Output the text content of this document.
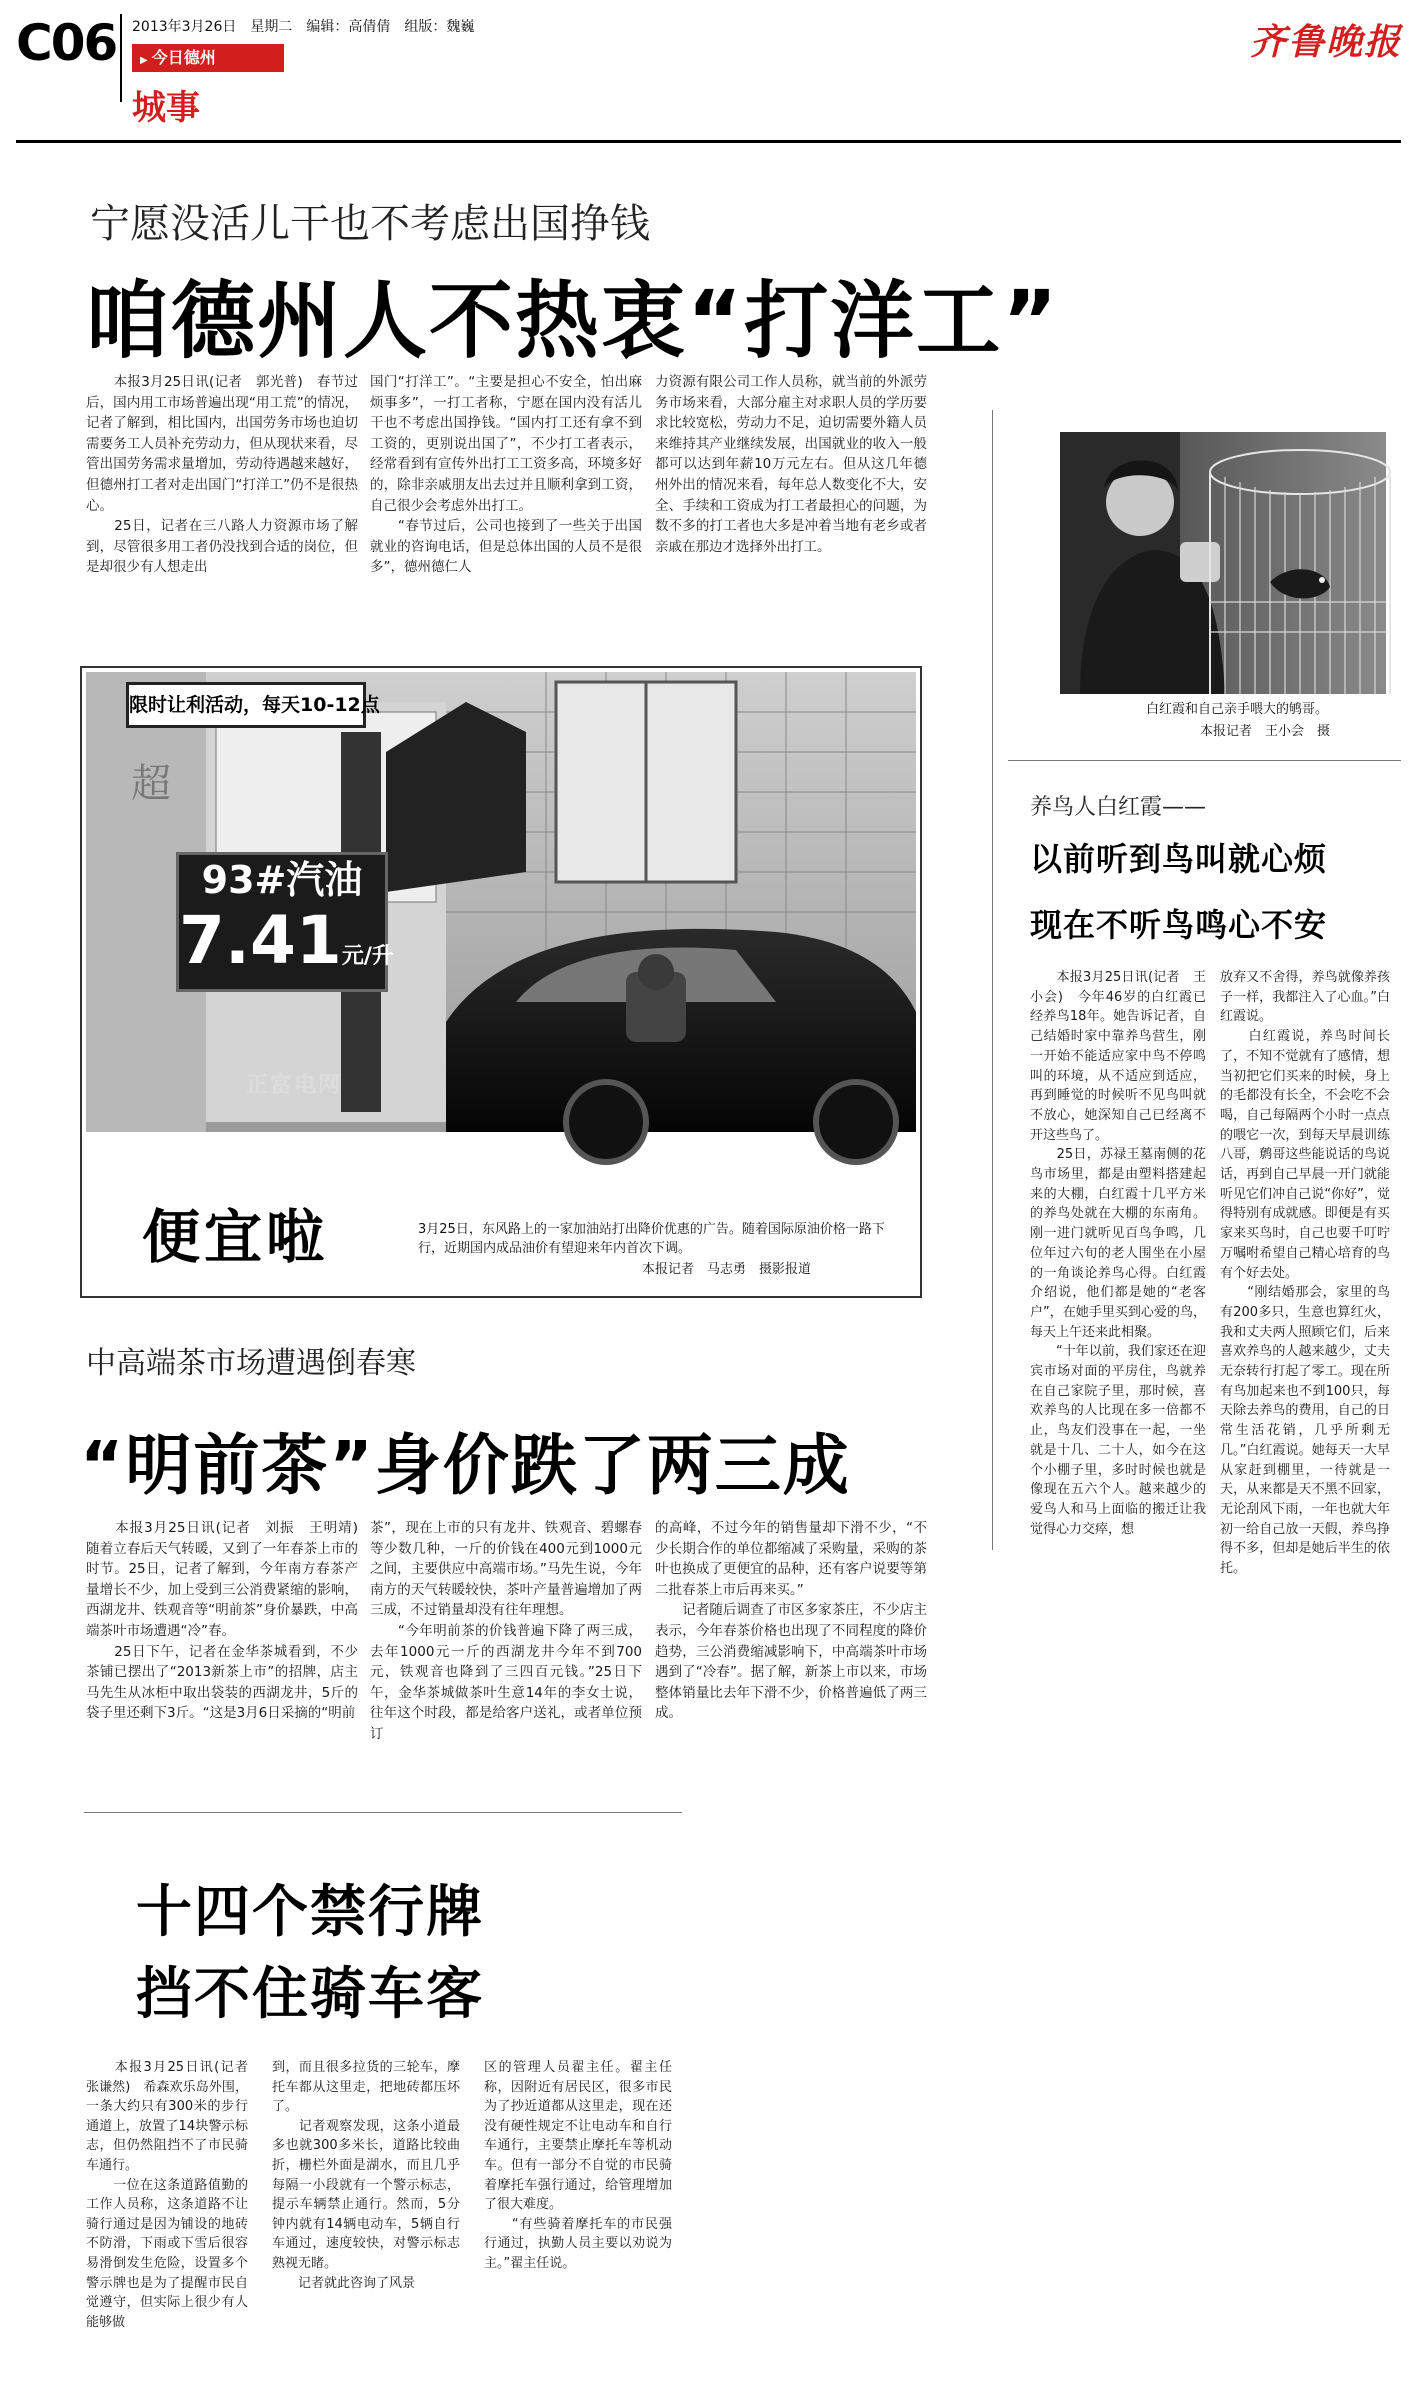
C06 2013年3月26日　星期二　编辑：高倩倩　组版：魏巍
▶ 今日德州
城事
齐鲁晚报
宁愿没活儿干也不考虑出国挣钱
咱德州人不热衷“打洋工”
　　本报3月25日讯(记者　郭光普)　春节过后，国内用工市场普遍出现“用工荒”的情况，记者了解到，相比国内，出国劳务市场也迫切需要务工人员补充劳动力，但从现状来看，尽管出国劳务需求量增加，劳动待遇越来越好，但德州打工者对走出国门“打洋工”仍不是很热心。
　　25日，记者在三八路人力资源市场了解到，尽管很多用工者仍没找到合适的岗位，但是却很少有人想走出
国门“打洋工”。“主要是担心不安全，怕出麻烦事多”，一打工者称，宁愿在国内没有活儿干也不考虑出国挣钱。“国内打工还有拿不到工资的，更别说出国了”，不少打工者表示，经常看到有宣传外出打工工资多高，环境多好的，除非亲戚朋友出去过并且顺利拿到工资，自己很少会考虑外出打工。
　　“春节过后，公司也接到了一些关于出国就业的咨询电话，但是总体出国的人员不是很多”，德州德仁人
力资源有限公司工作人员称，就当前的外派劳务市场来看，大部分雇主对求职人员的学历要求比较宽松，劳动力不足，迫切需要外籍人员来维持其产业继续发展，出国就业的收入一般都可以达到年薪10万元左右。但从这几年德州外出的情况来看，每年总人数变化不大，安全、手续和工资成为打工者最担心的问题，为数不多的打工者也大多是冲着当地有老乡或者亲戚在那边才选择外出打工。
限时让利活动，每天10-12点
超
93#汽油
7.41元/升
正富电网
便宜啦	3月25日，东风路上的一家加油站打出降价优惠的广告。随着国际原油价格一路下行，近期国内成品油价有望迎来年内首次下调。
本报记者　马志勇　摄影报道
白红霞和自己亲手喂大的鸲哥。
本报记者　王小会　摄
养鸟人白红霞——
以前听到鸟叫就心烦
现在不听鸟鸣心不安
　　本报3月25日讯(记者　王小会)　今年46岁的白红霞已经养鸟18年。她告诉记者，自己结婚时家中靠养鸟营生，刚一开始不能适应家中鸟不停鸣叫的环境，从不适应到适应，再到睡觉的时候听不见鸟叫就不放心，她深知自己已经离不开这些鸟了。
　　25日，苏禄王墓南侧的花鸟市场里，都是由塑料搭建起来的大棚，白红霞十几平方米的养鸟处就在大棚的东南角。刚一进门就听见百鸟争鸣，几位年过六旬的老人围坐在小屋的一角谈论养鸟心得。白红霞介绍说，他们都是她的“老客户”，在她手里买到心爱的鸟，每天上午还来此相聚。
　　“十年以前，我们家还在迎宾市场对面的平房住，鸟就养在自己家院子里，那时候，喜欢养鸟的人比现在多一倍都不止，鸟友们没事在一起，一坐就是十几、二十人，如今在这个小棚子里，多时时候也就是像现在五六个人。越来越少的爱鸟人和马上面临的搬迁让我觉得心力交瘁，想
放弃又不舍得，养鸟就像养孩子一样，我都注入了心血。”白红霞说。
　　白红霞说，养鸟时间长了，不知不觉就有了感情，想当初把它们买来的时候，身上的毛都没有长全，不会吃不会喝，自己每隔两个小时一点点的喂它一次，到每天早晨训练八哥，鹩哥这些能说话的鸟说话，再到自己早晨一开门就能听见它们冲自己说“你好”，觉得特别有成就感。即便是有买家来买鸟时，自己也要千叮咛万嘱咐希望自己精心培育的鸟有个好去处。
　　“刚结婚那会，家里的鸟有200多只，生意也算红火，我和丈夫两人照顾它们，后来喜欢养鸟的人越来越少，丈夫无奈转行打起了零工。现在所有鸟加起来也不到100只，每天除去养鸟的费用，自己的日常生活花销，几乎所剩无几。”白红霞说。她每天一大早从家赶到棚里，一待就是一天，从来都是天不黑不回家，无论刮风下雨，一年也就大年初一给自己放一天假，养鸟挣得不多，但却是她后半生的依托。
中高端茶市场遭遇倒春寒
“明前茶”身价跌了两三成
　　本报3月25日讯(记者　刘振　王明靖)　随着立春后天气转暖，又到了一年春茶上市的时节。25日，记者了解到，今年南方春茶产量增长不少，加上受到三公消费紧缩的影响，西湖龙井、铁观音等“明前茶”身价暴跌，中高端茶叶市场遭遇“冷”春。
　　25日下午，记者在金华茶城看到，不少茶铺已摆出了“2013新茶上市”的招牌，店主马先生从冰柜中取出袋装的西湖龙井，5斤的袋子里还剩下3斤。“这是3月6日采摘的“明前
茶”，现在上市的只有龙井、铁观音、碧螺春等少数几种，一斤的价钱在400元到1000元之间，主要供应中高端市场。”马先生说，今年南方的天气转暖较快，茶叶产量普遍增加了两三成，不过销量却没有往年理想。
　　“今年明前茶的价钱普遍下降了两三成，去年1000元一斤的西湖龙井今年不到700元，铁观音也降到了三四百元钱。”25日下午，金华茶城做茶叶生意14年的李女士说，往年这个时段，都是给客户送礼，或者单位预订
的高峰，不过今年的销售量却下滑不少，“不少长期合作的单位都缩减了采购量，采购的茶叶也换成了更便宜的品种，还有客户说要等第二批春茶上市后再来买。”
　　记者随后调查了市区多家茶庄，不少店主表示，今年春茶价格也出现了不同程度的降价趋势，三公消费缩减影响下，中高端茶叶市场遇到了“冷春”。据了解，新茶上市以来，市场整体销量比去年下滑不少，价格普遍低了两三成。
十四个禁行牌
挡不住骑车客
　　本报3月25日讯(记者　张谦然)　希森欢乐岛外围，一条大约只有300米的步行通道上，放置了14块警示标志，但仍然阻挡不了市民骑车通行。
　　一位在这条道路值勤的工作人员称，这条道路不让骑行通过是因为铺设的地砖不防滑，下雨或下雪后很容易滑倒发生危险，设置多个警示牌也是为了提醒市民自觉遵守，但实际上很少有人能够做
到，而且很多拉货的三轮车，摩托车都从这里走，把地砖都压坏了。
　　记者观察发现，这条小道最多也就300多米长，道路比较曲折，栅栏外面是湖水，而且几乎每隔一小段就有一个警示标志，提示车辆禁止通行。然而，5分钟内就有14辆电动车，5辆自行车通过，速度较快，对警示标志熟视无睹。
　　记者就此咨询了风景
区的管理人员翟主任。翟主任称，因附近有居民区，很多市民为了抄近道都从这里走，现在还没有硬性规定不让电动车和自行车通行，主要禁止摩托车等机动车。但有一部分不自觉的市民骑着摩托车强行通过，给管理增加了很大难度。
　　“有些骑着摩托车的市民强行通过，执勤人员主要以劝说为主。”翟主任说。
